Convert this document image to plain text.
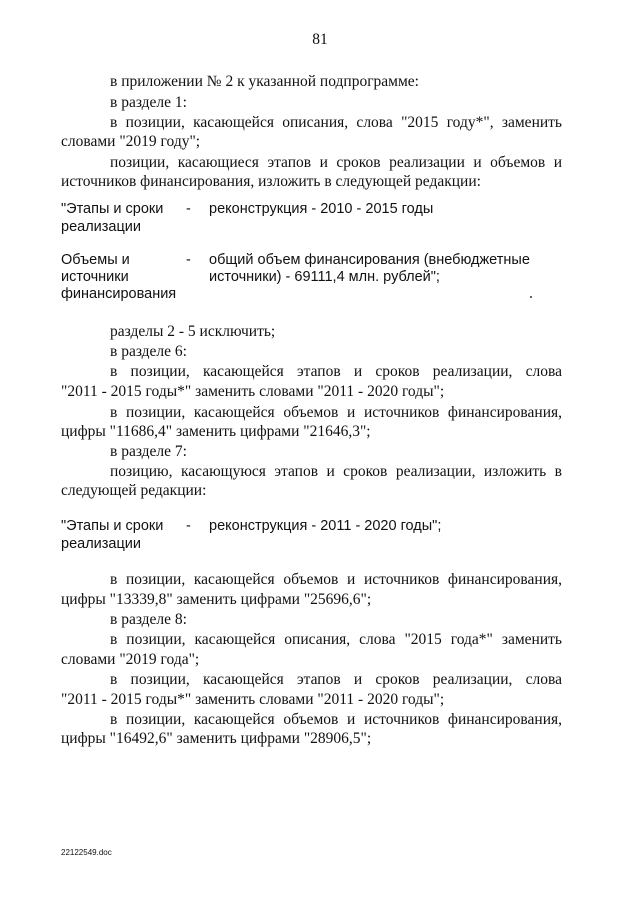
81
в приложении № 2 к указанной подпрограмме:
в разделе 1:
в позиции, касающейся описания, слова "2015 году*", заменить
словами "2019 году";
позиции, касающиеся этапов и сроков реализации и объемов и
источников финансирования, изложить в следующей редакции:
"Этапы и сроки
реализации
- реконструкция - 2010 - 2015 годы
Объемы и
источники
финансирования
- общий объем финансирования (внебюджетные
источники) - 69111,4 млн. рублей";
разделы 2 - 5 исключить;
в разделе 6:
в позиции, касающейся этапов и сроков реализации, слова
"2011 - 2015 годы*" заменить словами "2011 - 2020 годы";
в позиции, касающейся объемов и источников финансирования,
цифры "11686,4" заменить цифрами "21646,3";
в разделе 7:
позицию, касающуюся этапов и сроков реализации, изложить в
следующей редакции:
"Этапы и сроки
реализации
- реконструкция - 2011 - 2020 годы";
в позиции, касающейся объемов и источников финансирования,
цифры "13339,8" заменить цифрами "25696,6";
в разделе 8:
в позиции, касающейся описания, слова "2015 года*" заменить
словами "2019 года";
в позиции, касающейся этапов и сроков реализации, слова
"2011 - 2015 годы*" заменить словами "2011 - 2020 годы";
в позиции, касающейся объемов и источников финансирования,
цифры "16492,6" заменить цифрами "28906,5";
22122549.doc
